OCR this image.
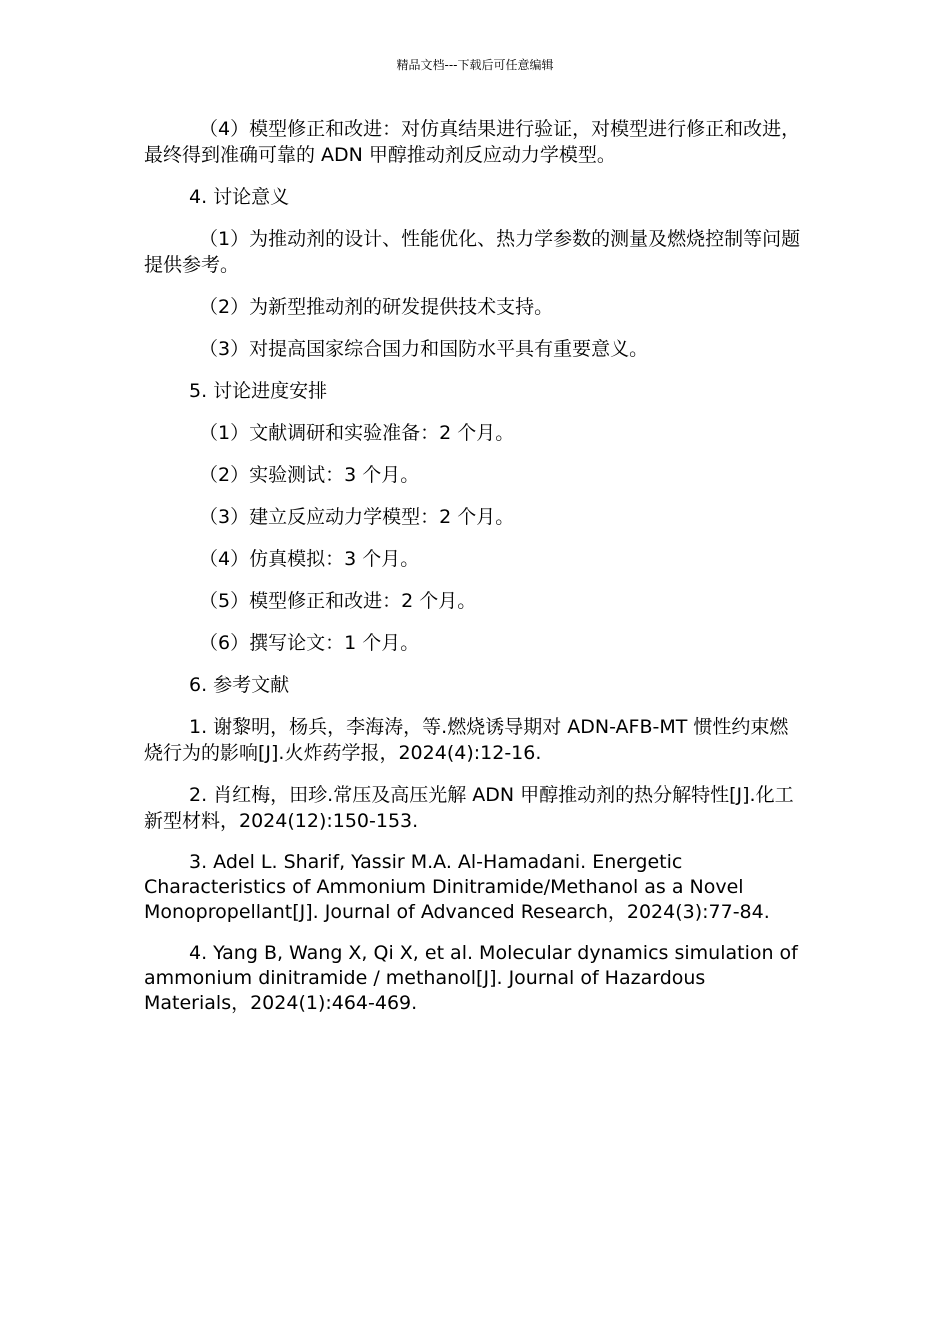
精品文档---下载后可任意编辑

（4）模型修正和改进：对仿真结果进行验证，对模型进行修正和改进，最终得到准确可靠的 ADN 甲醇推动剂反应动力学模型。

4. 讨论意义

（1）为推动剂的设计、性能优化、热力学参数的测量及燃烧控制等问题提供参考。

（2）为新型推动剂的研发提供技术支持。

（3）对提高国家综合国力和国防水平具有重要意义。

5. 讨论进度安排

（1）文献调研和实验准备：2 个月。

（2）实验测试：3 个月。

（3）建立反应动力学模型：2 个月。

（4）仿真模拟：3 个月。

（5）模型修正和改进：2 个月。

（6）撰写论文：1 个月。

6. 参考文献

1. 谢黎明，杨兵，李海涛，等.燃烧诱导期对 ADN-AFB-MT 惯性约束燃烧行为的影响[J].火炸药学报，2024(4):12-16.

2. 肖红梅，田珍.常压及高压光解 ADN 甲醇推动剂的热分解特性[J].化工新型材料，2024(12):150-153.

3. Adel L. Sharif, Yassir M.A. Al-Hamadani. Energetic Characteristics of Ammonium Dinitramide/Methanol as a Novel Monopropellant[J]. Journal of Advanced Research，2024(3):77-84.

4. Yang B, Wang X, Qi X, et al. Molecular dynamics simulation of ammonium dinitramide / methanol[J]. Journal of Hazardous Materials，2024(1):464-469.
